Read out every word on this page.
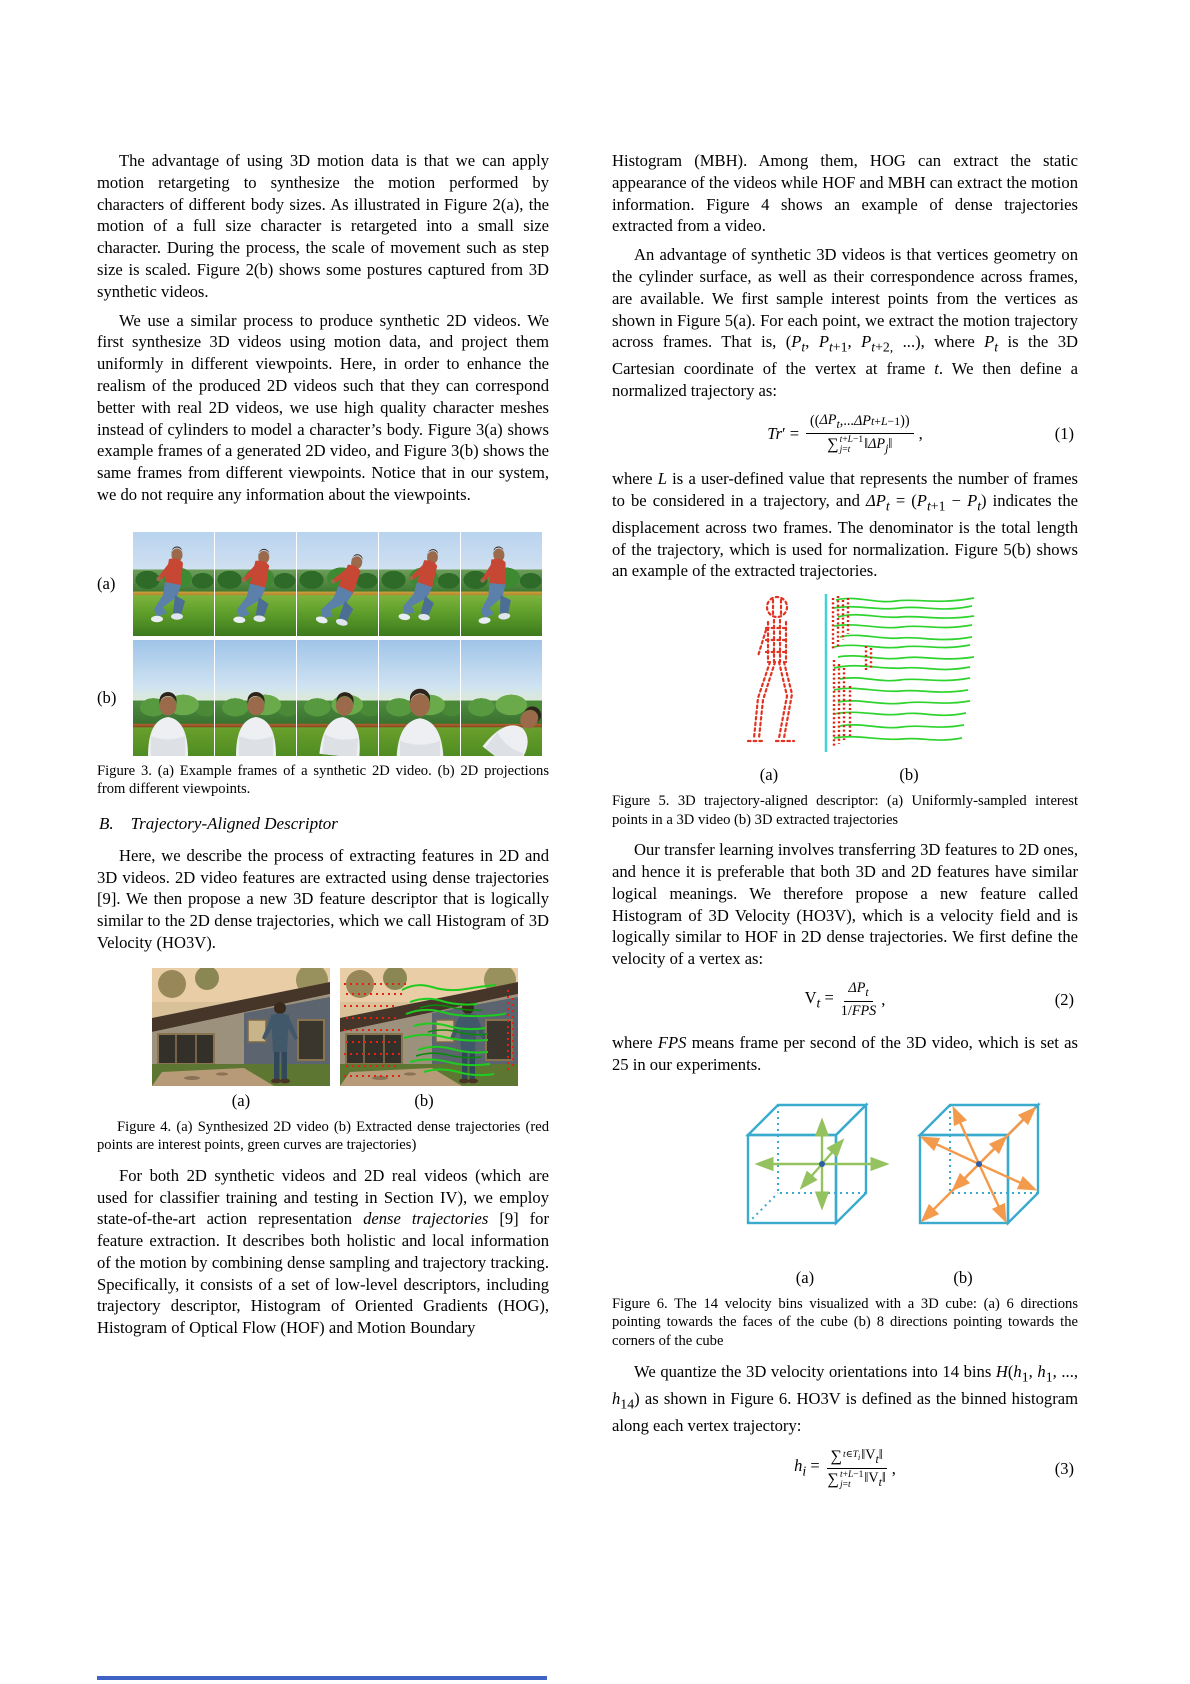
The advantage of using 3D motion data is that we can apply motion retargeting to synthesize the motion performed by characters of different body sizes. As illustrated in Figure 2(a), the motion of a full size character is retargeted into a small size character. During the process, the scale of movement such as step size is scaled. Figure 2(b) shows some postures captured from 3D synthetic videos.

We use a similar process to produce synthetic 2D videos. We first synthesize 3D videos using motion data, and project them uniformly in different viewpoints. Here, in order to enhance the realism of the produced 2D videos such that they can correspond better with real 2D videos, we use high quality character meshes instead of cylinders to model a character’s body. Figure 3(a) shows example frames of a generated 2D video, and Figure 3(b) shows the same frames from different viewpoints. Notice that in our system, we do not require any information about the viewpoints.

(a)
(b)

Figure 3. (a) Example frames of a synthetic 2D video. (b) 2D projections from different viewpoints.

B.  Trajectory-Aligned Descriptor

Here, we describe the process of extracting features in 2D and 3D videos. 2D video features are extracted using dense trajectories [9]. We then propose a new 3D feature descriptor that is logically similar to the 2D dense trajectories, which we call Histogram of 3D Velocity (HO3V).

(a)	(b)

Figure 4. (a) Synthesized 2D video (b) Extracted dense trajectories (red points are interest points, green curves are trajectories)

For both 2D synthetic videos and 2D real videos (which are used for classifier training and testing in Section IV), we employ state-of-the-art action representation dense trajectories [9] for feature extraction. It describes both holistic and local information of the motion by combining dense sampling and trajectory tracking. Specifically, it consists of a set of low-level descriptors, including trajectory descriptor, Histogram of Oriented Gradients (HOG), Histogram of Optical Flow (HOF) and Motion Boundary

Histogram (MBH). Among them, HOG can extract the static appearance of the videos while HOF and MBH can extract the motion information. Figure 4 shows an example of dense trajectories extracted from a video.

An advantage of synthetic 3D videos is that vertices geometry on the cylinder surface, as well as their correspondence across frames, are available. We first sample interest points from the vertices as shown in Figure 5(a). For each point, we extract the motion trajectory across frames. That is, ($P_t$, $P_{t+1}$, $P_{t+2,}$ ...), where $P_t$ is the 3D Cartesian coordinate of the vertex at frame t. We then define a normalized trajectory as:

Tr′ = (( $\Delta P_t$ ,... ΔP t+L−1 ))
∑ t+L−1
j=t $‖\Delta P_j‖$ ,	(1)

where L is a user-defined value that represents the number of frames to be considered in a trajectory, and $\Delta P_t = (P_{t+1} - P_t)$ indicates the displacement across two frames. The denominator is the total length of the trajectory, which is used for normalization. Figure 5(b) shows an example of the extracted trajectories.

(a)	(b)

Figure 5. 3D trajectory-aligned descriptor: (a) Uniformly-sampled interest points in a 3D video (b) 3D extracted trajectories

Our transfer learning involves transferring 3D features to 2D ones, and hence it is preferable that both 3D and 2D features have similar logical meanings. We therefore propose a new feature called Histogram of 3D Velocity (HO3V), which is a velocity field and is logically similar to HOF in 2D dense trajectories. We first define the velocity of a vertex as:

$V_t = \frac{\Delta P_t}{\text{1/ FPS}}$ ,	(2)

where FPS means frame per second of the 3D video, which is set as 25 in our experiments.

(a)	(b)

Figure 6. The 14 velocity bins visualized with a 3D cube: (a) 6 directions pointing towards the faces of the cube (b) 8 directions pointing towards the corners of the cube

We quantize the 3D velocity orientations into 14 bins $H(h_1$, $h_1$, ..., $h_{14}$) as shown in Figure 6. HO3V is defined as the binned histogram along each vertex trajectory:

$h_i$ = ∑ $t\in T_i$ $‖V_t‖$
∑ t+L−1
j=t $‖V_t‖$ ,	(3)
